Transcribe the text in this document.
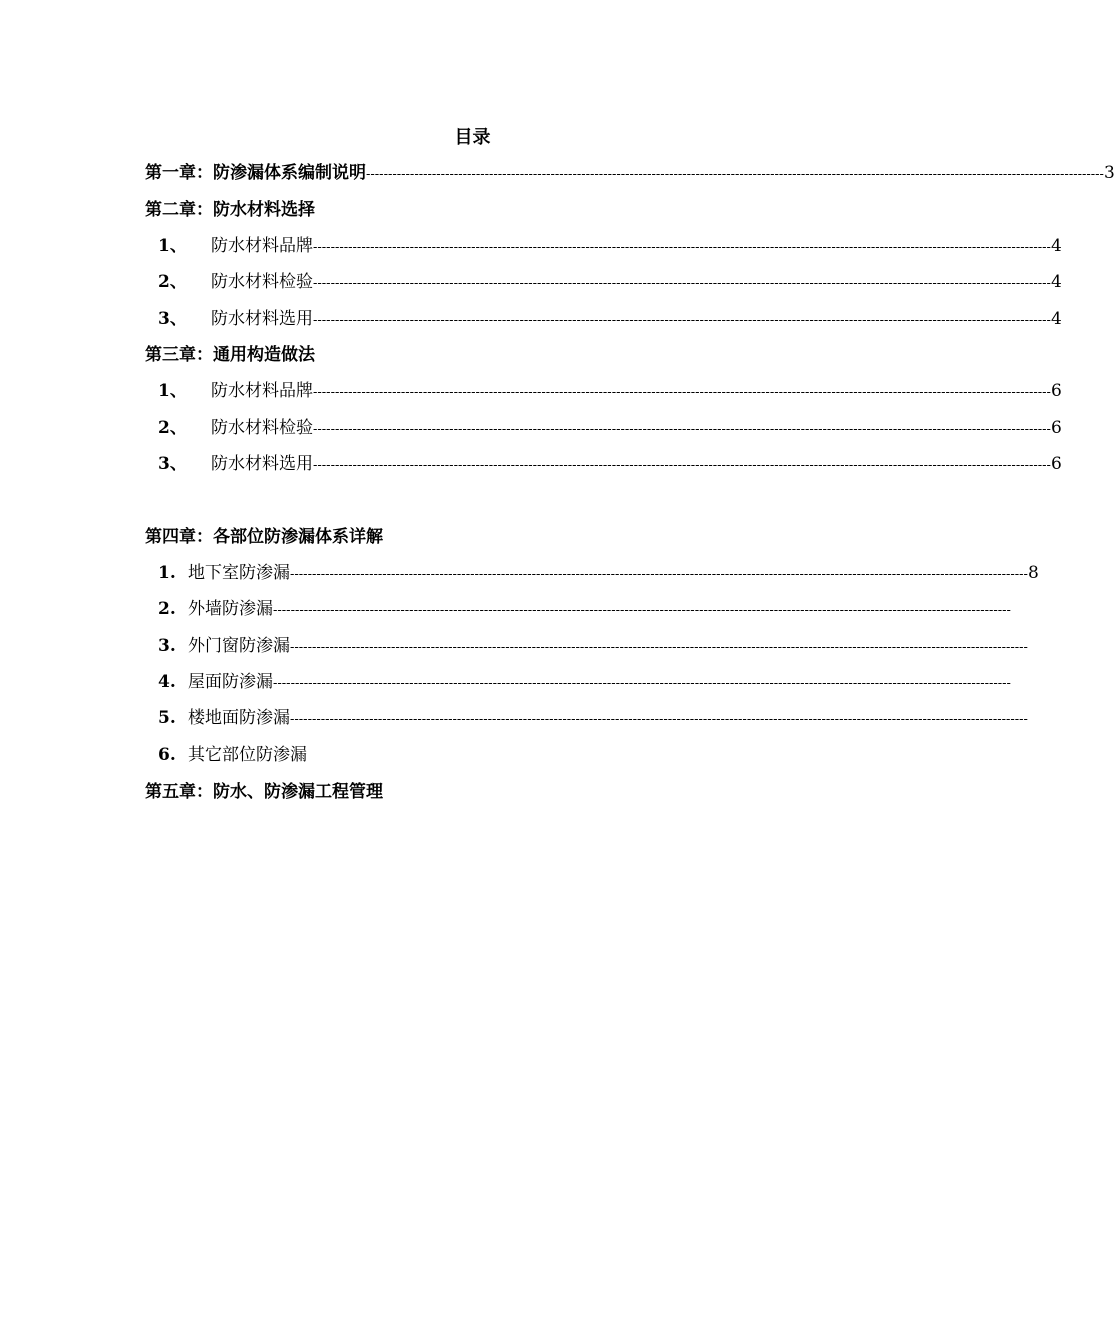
目录
第一章：防渗漏体系编制说明 ------------------------------------------------------------------------------------------------------------------------------------------------------------------------ 3
第二章：防水材料选择
1、 防水材料品牌 ------------------------------------------------------------------------------------------------------------------------------------------------------------------------ 4
2、 防水材料检验 ------------------------------------------------------------------------------------------------------------------------------------------------------------------------ 4
3、 防水材料选用 ------------------------------------------------------------------------------------------------------------------------------------------------------------------------ 4
第三章：通用构造做法
1、 防水材料品牌 ------------------------------------------------------------------------------------------------------------------------------------------------------------------------ 6
2、 防水材料检验 ------------------------------------------------------------------------------------------------------------------------------------------------------------------------ 6
3、 防水材料选用 ------------------------------------------------------------------------------------------------------------------------------------------------------------------------ 6
第四章：各部位防渗漏体系详解
1. 地下室防渗漏 ------------------------------------------------------------------------------------------------------------------------------------------------------------------------ 8
2. 外墙防渗漏 ------------------------------------------------------------------------------------------------------------------------------------------------------------------------
3. 外门窗防渗漏 ------------------------------------------------------------------------------------------------------------------------------------------------------------------------
4. 屋面防渗漏 ------------------------------------------------------------------------------------------------------------------------------------------------------------------------
5. 楼地面防渗漏 ------------------------------------------------------------------------------------------------------------------------------------------------------------------------
6. 其它部位防渗漏
第五章：防水、防渗漏工程管理
